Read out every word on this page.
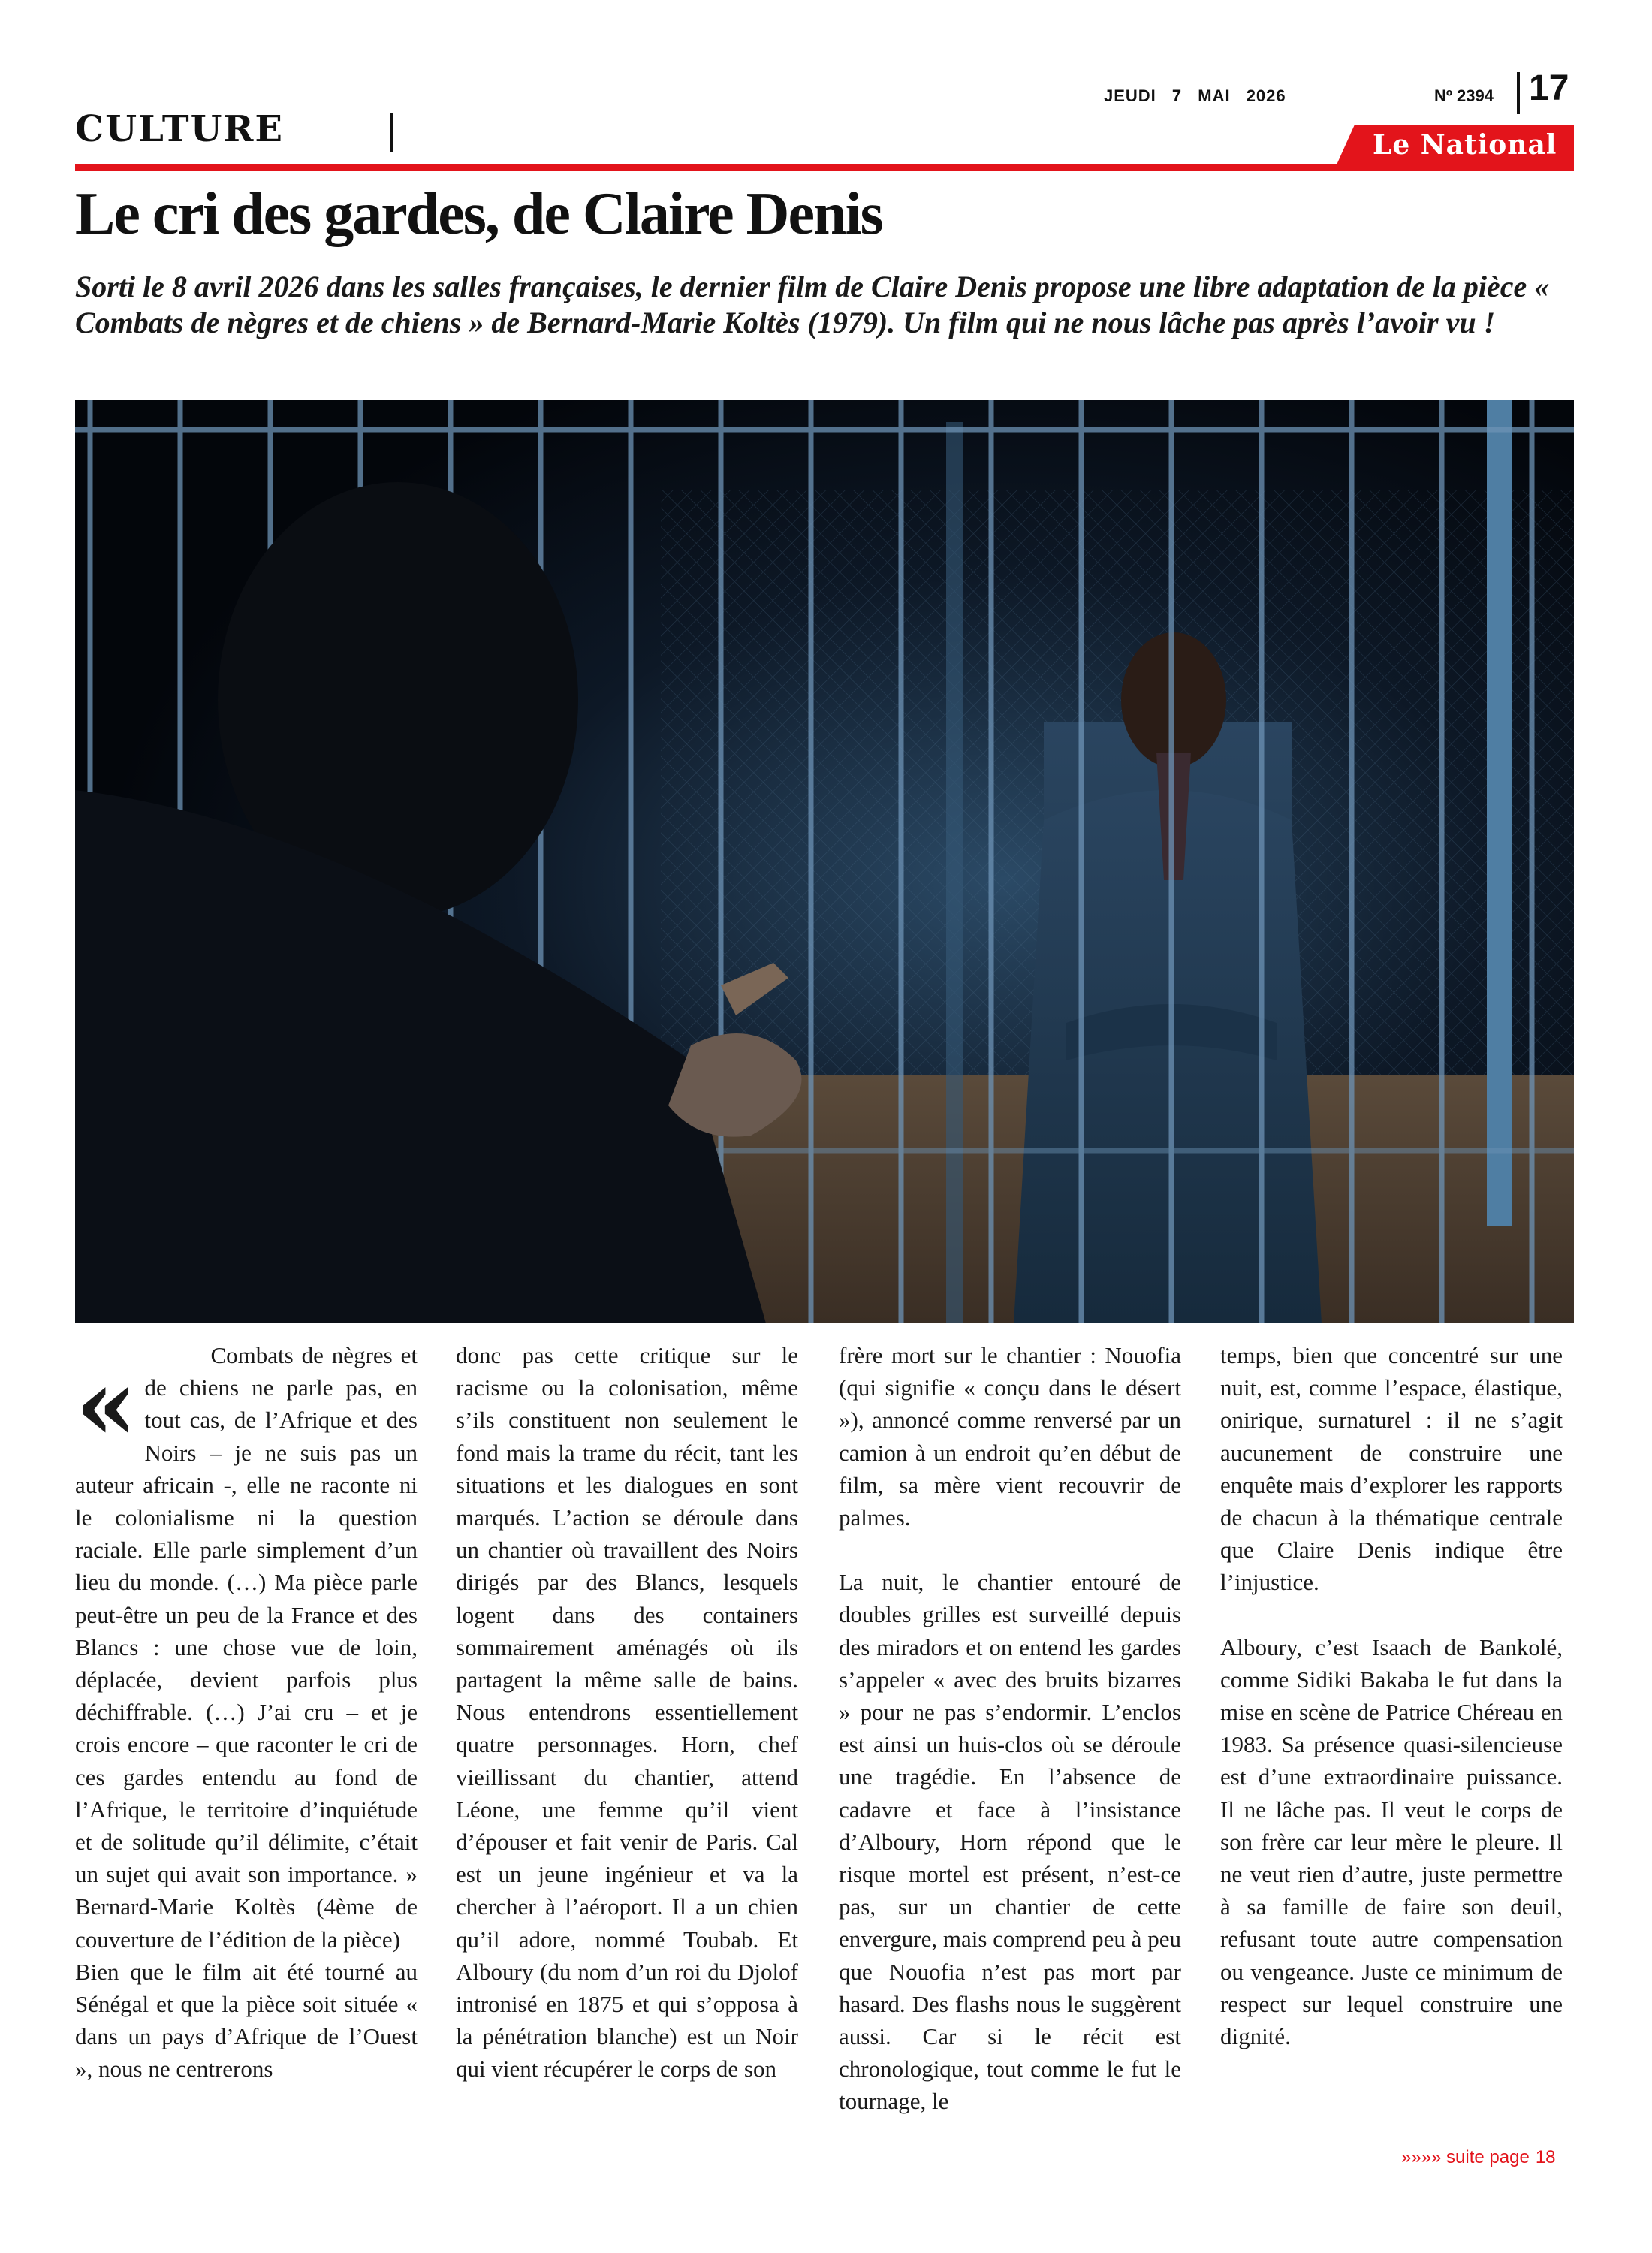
CULTURE
JEUDI 7 MAI 2026	Nº 2394 17
Le National
Le cri des gardes, de Claire Denis

Sorti le 8 avril 2026 dans les salles françaises, le dernier film de Claire Denis propose une libre adaptation de la pièce « Combats de nègres et de chiens » de Bernard-Marie Koltès (1979). Un film qui ne nous lâche pas après l’avoir vu !

«	Combats de nègres et de chiens ne parle pas, en tout cas, de l’Afrique et des Noirs – je ne suis pas un auteur africain -, elle ne raconte ni le colonialisme ni la question raciale. Elle parle simplement d’un lieu du monde. (…) Ma pièce parle peut-être un peu de la France et des Blancs : une chose vue de loin, déplacée, devient parfois plus déchiffrable. (…) J’ai cru – et je crois encore – que raconter le cri de ces gardes entendu au fond de l’Afrique, le territoire d’inquiétude et de solitude qu’il délimite, c’était un sujet qui avait son importance. » Bernard-Marie Koltès (4ème de couverture de l’édition de la pièce)

Bien que le film ait été tourné au Sénégal et que la pièce soit située « dans un pays d’Afrique de l’Ouest », nous ne centrerons

donc pas cette critique sur le racisme ou la colonisation, même s’ils constituent non seulement le fond mais la trame du récit, tant les situations et les dialogues en sont marqués. L’action se déroule dans un chantier où travaillent des Noirs dirigés par des Blancs, lesquels logent dans des containers sommairement aménagés où ils partagent la même salle de bains. Nous entendrons essentiellement quatre personnages. Horn, chef vieillissant du chantier, attend Léone, une femme qu’il vient d’épouser et fait venir de Paris. Cal est un jeune ingénieur et va la chercher à l’aéroport. Il a un chien qu’il adore, nommé Toubab. Et Alboury (du nom d’un roi du Djolof intronisé en 1875 et qui s’opposa à la pénétration blanche) est un Noir qui vient récupérer le corps de son

frère mort sur le chantier : Nouofia (qui signifie « conçu dans le désert »), annoncé comme renversé par un camion à un endroit qu’en début de film, sa mère vient recouvrir de palmes.

La nuit, le chantier entouré de doubles grilles est surveillé depuis des miradors et on entend les gardes s’appeler « avec des bruits bizarres » pour ne pas s’endormir. L’enclos est ainsi un huis-clos où se déroule une tragédie. En l’absence de cadavre et face à l’insistance d’Alboury, Horn répond que le risque mortel est présent, n’est-ce pas, sur un chantier de cette envergure, mais comprend peu à peu que Nouofia n’est pas mort par hasard. Des flashs nous le suggèrent aussi. Car si le récit est chronologique, tout comme le fut le tournage, le

temps, bien que concentré sur une nuit, est, comme l’espace, élastique, onirique, surnaturel : il ne s’agit aucunement de construire une enquête mais d’explorer les rapports de chacun à la thématique centrale que Claire Denis indique être l’injustice.

Alboury, c’est Isaach de Bankolé, comme Sidiki Bakaba le fut dans la mise en scène de Patrice Chéreau en 1983. Sa présence quasi-silencieuse est d’une extraordinaire puissance. Il ne lâche pas. Il veut le corps de son frère car leur mère le pleure. Il ne veut rien d’autre, juste permettre à sa famille de faire son deuil, refusant toute autre compensation ou vengeance. Juste ce minimum de respect sur lequel construire une dignité.

»»»» suite page 18
